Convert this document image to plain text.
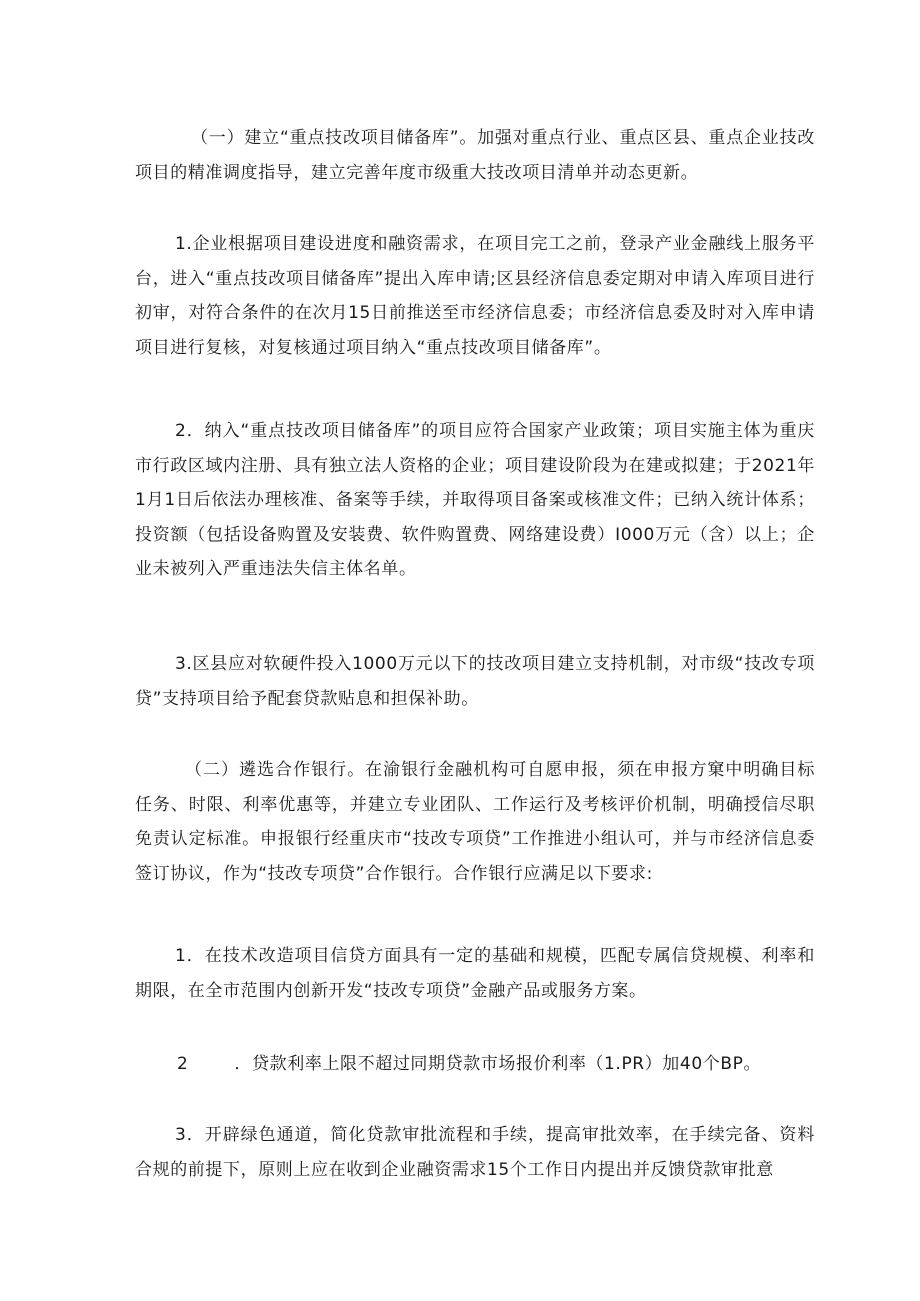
（一）建立“重点技改项目储备库”。加强对重点行业、重点区县、重点企业技改项目的精准调度指导，建立完善年度市级重大技改项目清单并动态更新。

1.企业根据项目建设进度和融资需求，在项目完工之前，登录产业金融线上服务平台，进入“重点技改项目储备库”提出入库申请;区县经济信息委定期对申请入库项目进行初审，对符合条件的在次月15日前推送至市经济信息委；市经济信息委及时对入库申请项目进行复核，对复核通过项目纳入“重点技改项目储备库”。

2．纳入“重点技改项目储备库”的项目应符合国家产业政策；项目实施主体为重庆市行政区域内注册、具有独立法人资格的企业；项目建设阶段为在建或拟建；于2021年1月1日后依法办理核准、备案等手续，并取得项目备案或核准文件；已纳入统计体系；投资额（包括设备购置及安装费、软件购置费、网络建设费）I000万元（含）以上；企业未被列入严重违法失信主体名单。

3.区县应对软硬件投入1000万元以下的技改项目建立支持机制，对市级“技改专项贷”支持项目给予配套贷款贴息和担保补助。

（二）遴选合作银行。在渝银行金融机构可自愿申报，须在申报方窠中明确目标任务、时限、利率优惠等，并建立专业团队、工作运行及考核评价机制，明确授信尽职免责认定标准。申报银行经重庆市“技改专项贷”工作推进小组认可，并与市经济信息委签订协议，作为“技改专项贷”合作银行。合作银行应满足以下要求:

1．在技术改造项目信贷方面具有一定的基础和规模，匹配专属信贷规模、利率和期限，在全市范围内创新开发“技改专项贷”金融产品或服务方案。

2	．贷款利率上限不超过同期贷款市场报价利率（1.PR）加40个BP。

3．开辟绿色通道，简化贷款审批流程和手续，提高审批效率，在手续完备、资料合规的前提下，原则上应在收到企业融资需求15个工作日内提出并反馈贷款审批意
